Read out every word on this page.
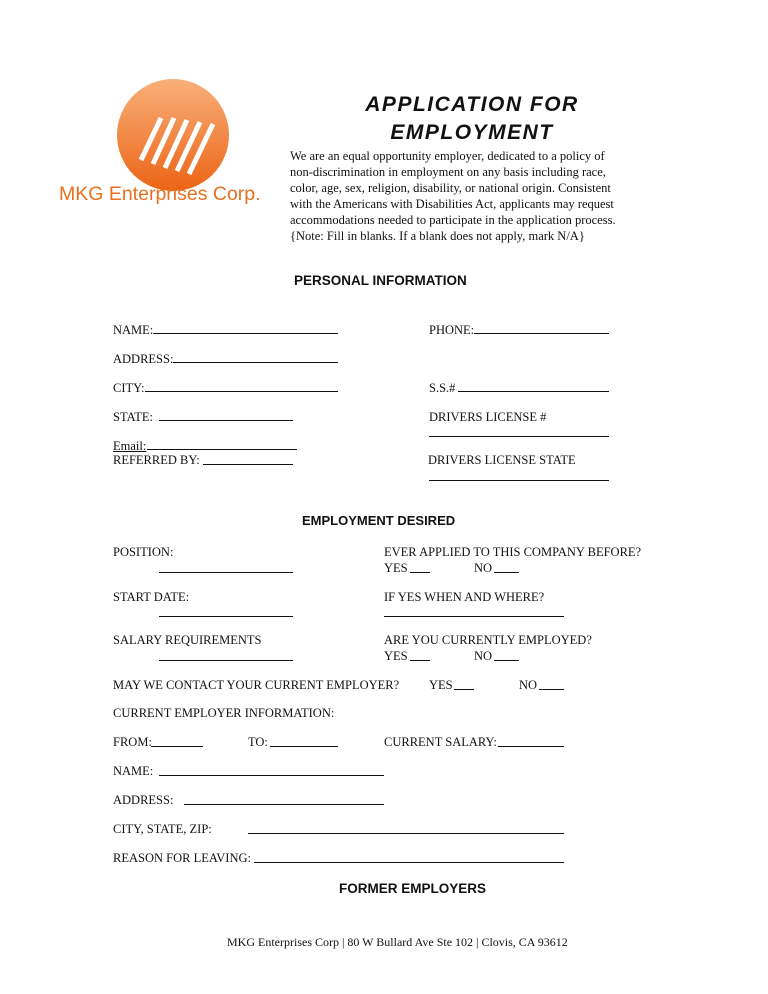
MKG Enterprises Corp.
APPLICATION FOR
EMPLOYMENT
We are an equal opportunity employer, dedicated to a policy of
non-discrimination in employment on any basis including race,
color, age, sex, religion, disability, or national origin. Consistent
with the Americans with Disabilities Act, applicants may request
accommodations needed to participate in the application process.
{Note: Fill in blanks. If a blank does not apply, mark N/A}
PERSONAL INFORMATION
NAME:	PHONE:
ADDRESS:
CITY:	S.S.#
STATE:	DRIVERS LICENSE #
Email:
REFERRED BY:	DRIVERS LICENSE STATE
EMPLOYMENT DESIRED
POSITION:	EVER APPLIED TO THIS COMPANY BEFORE?
YES	NO
START DATE:	IF YES WHEN AND WHERE?
SALARY REQUIREMENTS	ARE YOU CURRENTLY EMPLOYED?
YES	NO
MAY WE CONTACT YOUR CURRENT EMPLOYER? YES	NO
CURRENT EMPLOYER INFORMATION:
FROM:	TO:	CURRENT SALARY:
NAME:
ADDRESS:
CITY, STATE, ZIP:
REASON FOR LEAVING:
FORMER EMPLOYERS
MKG Enterprises Corp | 80 W Bullard Ave Ste 102 | Clovis, CA 93612
